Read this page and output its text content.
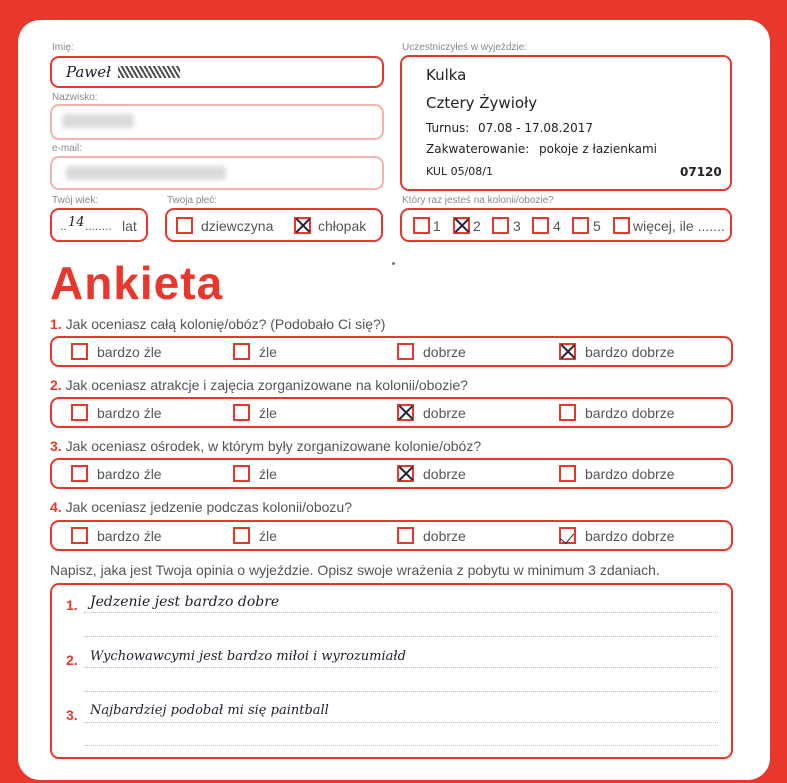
Imię:
Paweł
Nazwisko:
e-mail:
Twój wiek:
.. 14 ........ lat
Twoja płeć:
dziewczyna	chłopak
Uczestniczyłeś w wyjeździe:
Kulka
Cztery Żywioły
Turnus: 07.08 - 17.08.2017
Zakwaterowanie: pokoje z łazienkami
KUL 05/08/1	07120
Który raz jesteś na kolonii/obozie?
1 2 3 4 5 więcej, ile .......
Ankieta
1. Jak oceniasz całą kolonię/obóz? (Podobało Ci się?)
bardzo źle	źle	dobrze	bardzo dobrze
2. Jak oceniasz atrakcje i zajęcia zorganizowane na kolonii/obozie?
bardzo źle	źle	dobrze	bardzo dobrze
3. Jak oceniasz ośrodek, w którym były zorganizowane kolonie/obóz?
bardzo źle	źle	dobrze	bardzo dobrze
4. Jak oceniasz jedzenie podczas kolonii/obozu?
bardzo źle	źle	dobrze	bardzo dobrze
Napisz, jaka jest Twoja opinia o wyjeździe. Opisz swoje wrażenia z pobytu w minimum 3 zdaniach.
1. Jedzenie jest bardzo dobre
2. Wychowawcymi jest bardzo miłoi i wyrozumiałd
3. Najbardziej podobał mi się paintball
